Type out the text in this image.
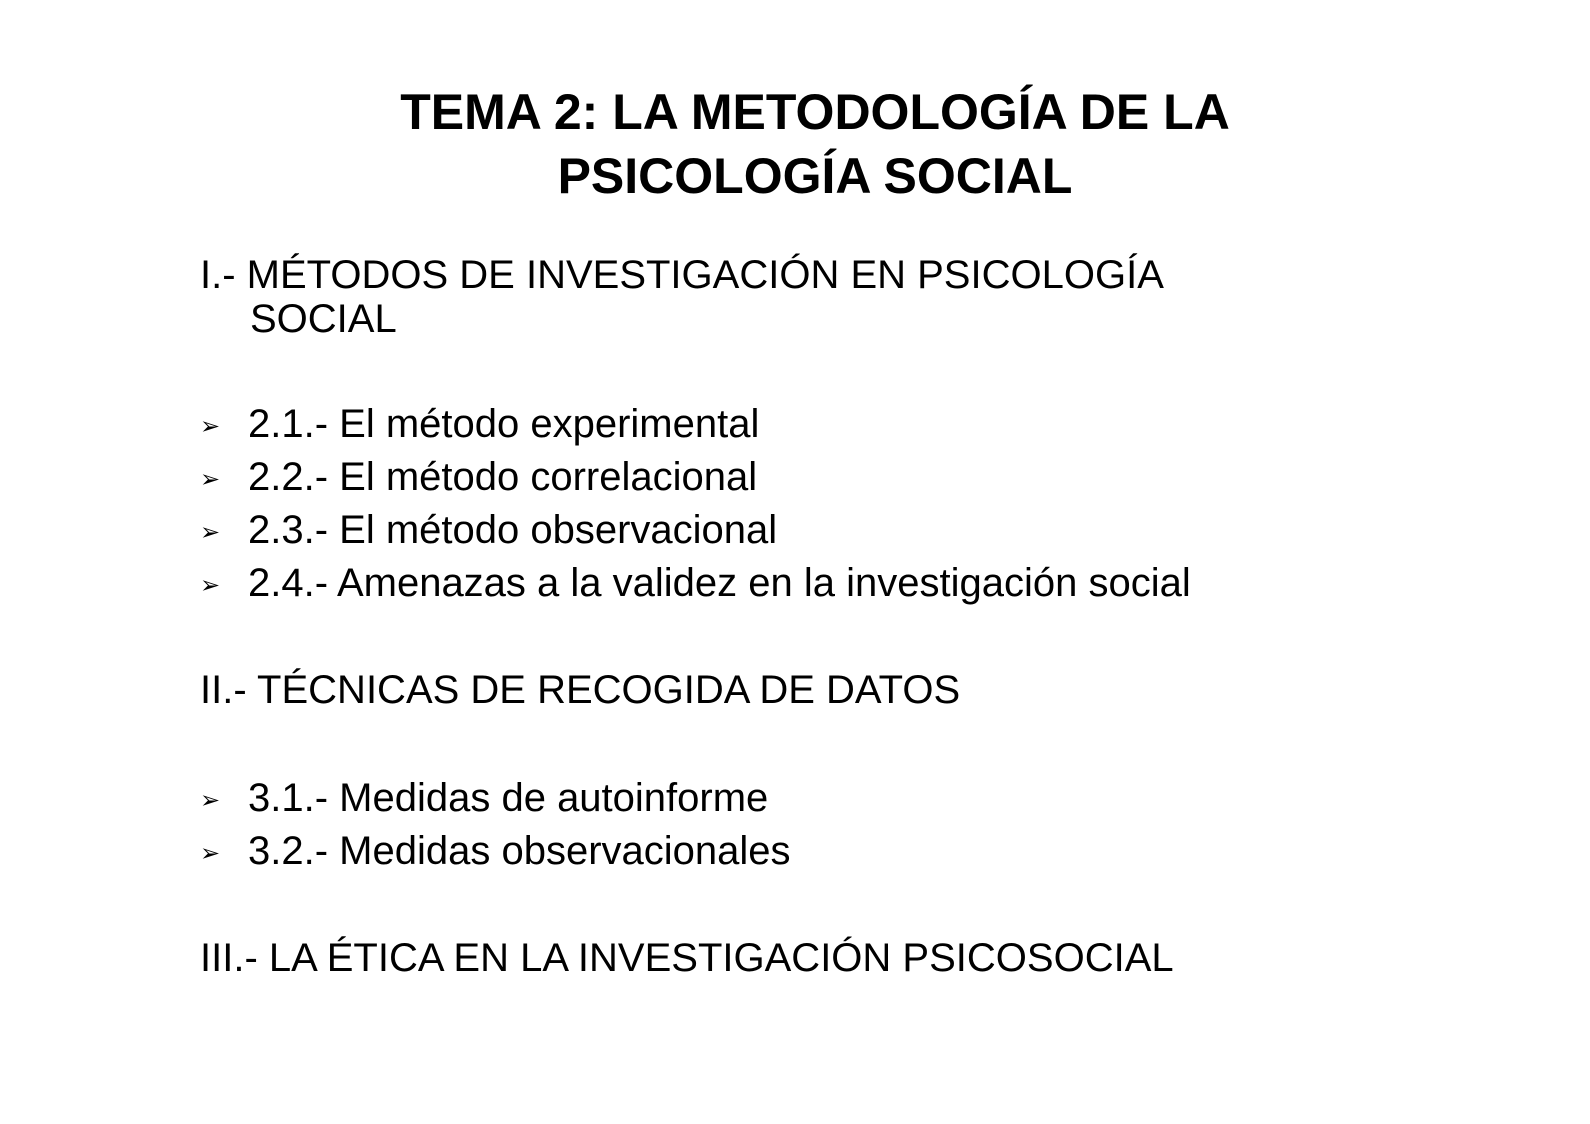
TEMA 2: LA METODOLOGÍA DE LA
PSICOLOGÍA SOCIAL
I.- MÉTODOS DE INVESTIGACIÓN EN PSICOLOGÍA
SOCIAL
➢ 2.1.- El método experimental
➢ 2.2.- El método correlacional
➢ 2.3.- El método observacional
➢ 2.4.- Amenazas a la validez en la investigación social
II.- TÉCNICAS DE RECOGIDA DE DATOS
➢ 3.1.- Medidas de autoinforme
➢ 3.2.- Medidas observacionales
III.- LA ÉTICA EN LA INVESTIGACIÓN PSICOSOCIAL
